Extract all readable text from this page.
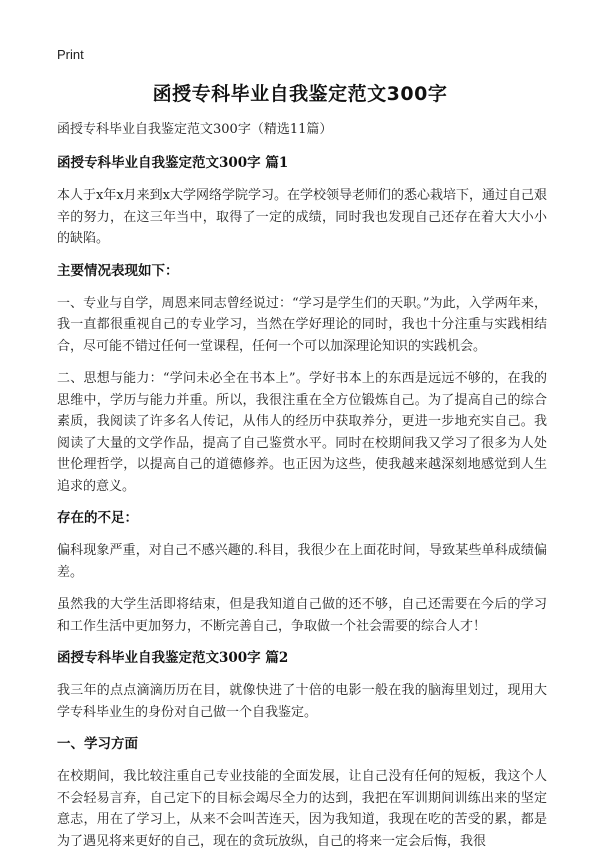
Print
函授专科毕业自我鉴定范文300字

函授专科毕业自我鉴定范文300字（精选11篇）

函授专科毕业自我鉴定范文300字 篇1

本人于x年x月来到x大学网络学院学习。在学校领导老师们的悉心栽培下，通过自己艰辛的努力，在这三年当中，取得了一定的成绩，同时我也发现自己还存在着大大小小的缺陷。

主要情况表现如下：

一、专业与自学，周恩来同志曾经说过：“学习是学生们的天职。”为此，入学两年来，我一直都很重视自己的专业学习，当然在学好理论的同时，我也十分注重与实践相结合，尽可能不错过任何一堂课程，任何一个可以加深理论知识的实践机会。

二、思想与能力：“学问未必全在书本上”。学好书本上的东西是远远不够的，在我的思维中，学历与能力并重。所以，我很注重在全方位锻炼自己。为了提高自己的综合素质，我阅读了许多名人传记，从伟人的经历中获取养分，更进一步地充实自己。我阅读了大量的文学作品，提高了自己鉴赏水平。同时在校期间我又学习了很多为人处世伦理哲学，以提高自己的道德修养。也正因为这些，使我越来越深刻地感觉到人生追求的意义。

存在的不足：

偏科现象严重，对自己不感兴趣的.科目，我很少在上面花时间，导致某些单科成绩偏差。

虽然我的大学生活即将结束，但是我知道自己做的还不够，自己还需要在今后的学习和工作生活中更加努力，不断完善自己，争取做一个社会需要的综合人才！

函授专科毕业自我鉴定范文300字 篇2

我三年的点点滴滴历历在目，就像快进了十倍的电影一般在我的脑海里划过，现用大学专科毕业生的身份对自己做一个自我鉴定。

一、学习方面

在校期间，我比较注重自己专业技能的全面发展，让自己没有任何的短板，我这个人不会轻易言弃，自己定下的目标会竭尽全力的达到，我把在军训期间训练出来的坚定意志，用在了学习上，从来不会叫苦连天，因为我知道，我现在吃的苦受的累，都是为了遇见将来更好的自己，现在的贪玩放纵，自己的将来一定会后悔，我很
